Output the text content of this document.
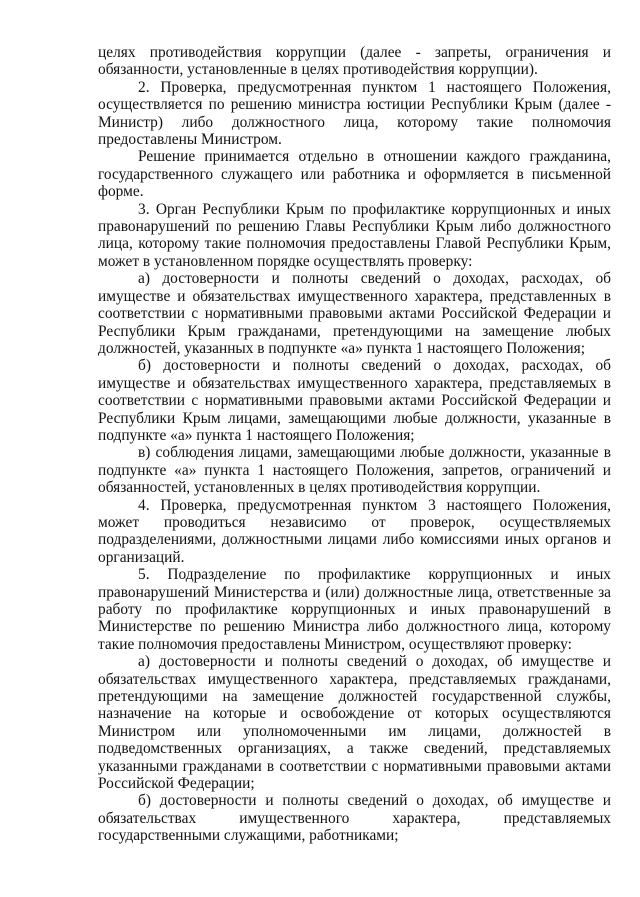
целях противодействия коррупции (далее - запреты, ограничения и обязанности, установленные в целях противодействия коррупции).

2. Проверка, предусмотренная пунктом 1 настоящего Положения, осуществляется по решению министра юстиции Республики Крым (далее - Министр) либо должностного лица, которому такие полномочия предоставлены Министром.

Решение принимается отдельно в отношении каждого гражданина, государственного служащего или работника и оформляется в письменной форме.

3. Орган Республики Крым по профилактике коррупционных и иных правонарушений по решению Главы Республики Крым либо должностного лица, которому такие полномочия предоставлены Главой Республики Крым, может в установленном порядке осуществлять проверку:

а) достоверности и полноты сведений о доходах, расходах, об имуществе и обязательствах имущественного характера, представленных в соответствии с нормативными правовыми актами Российской Федерации и Республики Крым гражданами, претендующими на замещение любых должностей, указанных в подпункте «а» пункта 1 настоящего Положения;

б) достоверности и полноты сведений о доходах, расходах, об имуществе и обязательствах имущественного характера, представляемых в соответствии с нормативными правовыми актами Российской Федерации и Республики Крым лицами, замещающими любые должности, указанные в подпункте «а» пункта 1 настоящего Положения;

в) соблюдения лицами, замещающими любые должности, указанные в подпункте «а» пункта 1 настоящего Положения, запретов, ограничений и обязанностей, установленных в целях противодействия коррупции.

4. Проверка, предусмотренная пунктом 3 настоящего Положения, может проводиться независимо от проверок, осуществляемых подразделениями, должностными лицами либо комиссиями иных органов и организаций.

5. Подразделение по профилактике коррупционных и иных правонарушений Министерства и (или) должностные лица, ответственные за работу по профилактике коррупционных и иных правонарушений в Министерстве по решению Министра либо должностного лица, которому такие полномочия предоставлены Министром, осуществляют проверку:

а) достоверности и полноты сведений о доходах, об имуществе и обязательствах имущественного характера, представляемых гражданами, претендующими на замещение должностей государственной службы, назначение на которые и освобождение от которых осуществляются Министром или уполномоченными им лицами, должностей в подведомственных организациях, а также сведений, представляемых указанными гражданами в соответствии с нормативными правовыми актами Российской Федерации;

б) достоверности и полноты сведений о доходах, об имуществе и обязательствах имущественного характера, представляемых государственными служащими, работниками;
